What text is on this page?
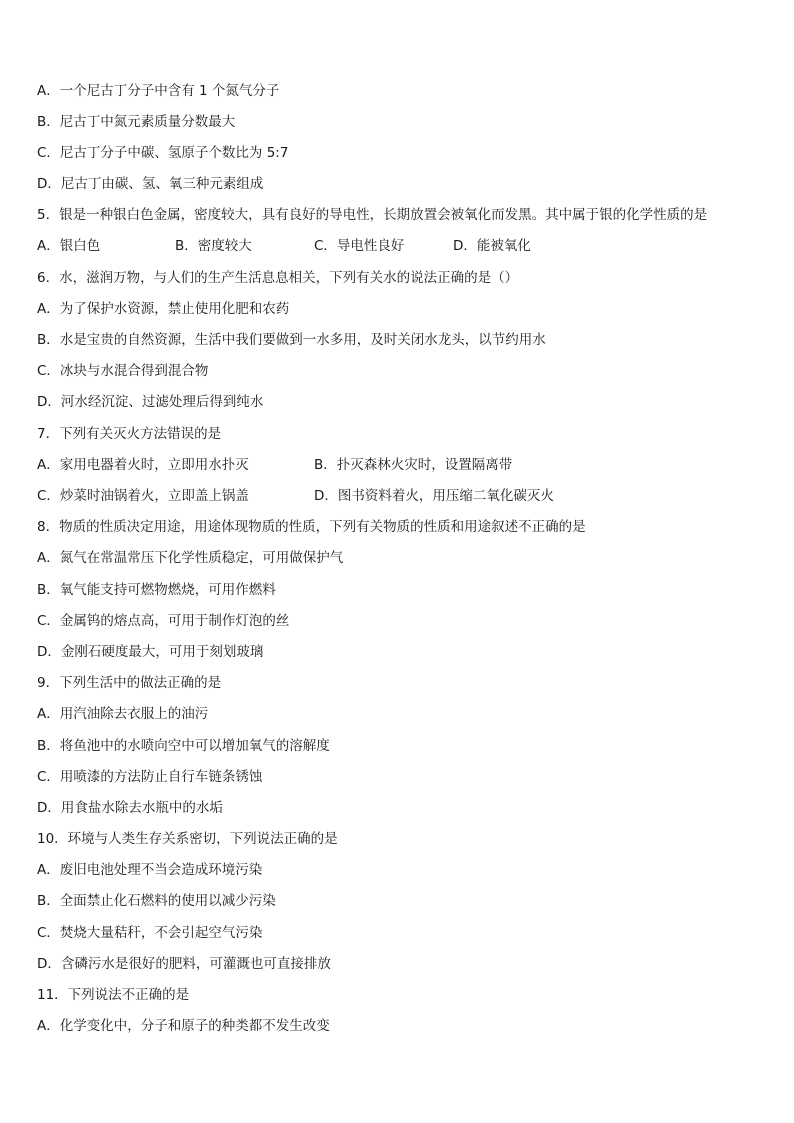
A．一个尼古丁分子中含有 1 个氮气分子
B．尼古丁中氮元素质量分数最大
C．尼古丁分子中碳、氢原子个数比为 5:7
D．尼古丁由碳、氢、氧三种元素组成
5．银是一种银白色金属，密度较大，具有良好的导电性，长期放置会被氧化而发黑。其中属于银的化学性质的是
A．银白色	B．密度较大	C．导电性良好	D．能被氧化
6．水，滋润万物，与人们的生产生活息息相关，下列有关水的说法正确的是（）
A．为了保护水资源，禁止使用化肥和农药
B．水是宝贵的自然资源，生活中我们要做到一水多用，及时关闭水龙头，以节约用水
C．冰块与水混合得到混合物
D．河水经沉淀、过滤处理后得到纯水
7．下列有关灭火方法错误的是
A．家用电器着火时，立即用水扑灭	B．扑灭森林火灾时，设置隔离带
C．炒菜时油锅着火，立即盖上锅盖	D．图书资料着火，用压缩二氧化碳灭火
8．物质的性质决定用途，用途体现物质的性质，下列有关物质的性质和用途叙述不正确的是
A．氮气在常温常压下化学性质稳定，可用做保护气
B．氧气能支持可燃物燃烧，可用作燃料
C．金属钨的熔点高，可用于制作灯泡的丝
D．金刚石硬度最大，可用于刻划玻璃
9．下列生活中的做法正确的是
A．用汽油除去衣服上的油污
B．将鱼池中的水喷向空中可以增加氧气的溶解度
C．用喷漆的方法防止自行车链条锈蚀
D．用食盐水除去水瓶中的水垢
10．环境与人类生存关系密切，下列说法正确的是
A．废旧电池处理不当会造成环境污染
B．全面禁止化石燃料的使用以减少污染
C．焚烧大量秸秆，不会引起空气污染
D．含磷污水是很好的肥料，可灌溉也可直接排放
11．下列说法不正确的是
A．化学变化中，分子和原子的种类都不发生改变
